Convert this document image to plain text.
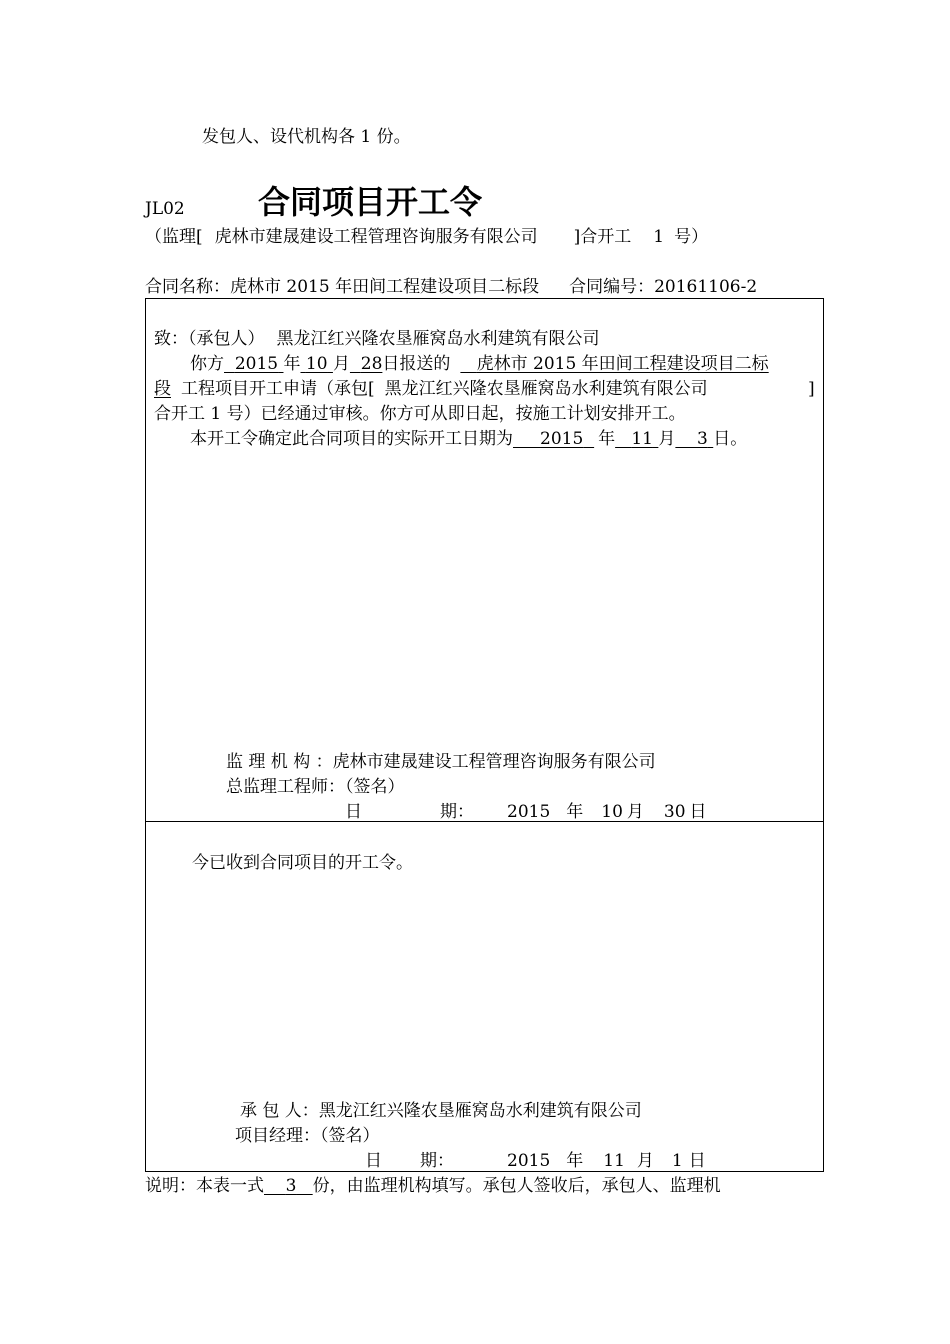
发包人、设代机构各 1 份。
JL02 合同项目开工令
（监理[ 虎林市建晟建设工程管理咨询服务有限公司 ]合开工 1 号）
合同名称：虎林市 2015 年田间工程建设项目二标段 合同编号：20161106-2
致：（承包人） 黑龙江红兴隆农垦雁窝岛水利建筑有限公司
你方 2015 年 10 月 28日报送的 虎林市 2015 年田间工程建设项目二标
段 工程项目开工申请（承包[ 黑龙江红兴隆农垦雁窝岛水利建筑有限公司	]
合开工 1 号）已经通过审核。你方可从即日起，按施工计划安排开工。
本开工令确定此合同项目的实际开工日期为 2015 年 11 月 3 日。
监 理 机 构 ：虎林市建晟建设工程管理咨询服务有限公司
总监理工程师：（签名）
日	期： 2015 年 10 月 30 日
今已收到合同项目的开工令。
承 包 人：黑龙江红兴隆农垦雁窝岛水利建筑有限公司
项目经理：（签名）
日 期：	2015 年 11 月 1 日
说明：本表一式 3 份，由监理机构填写。承包人签收后，承包人、监理机
